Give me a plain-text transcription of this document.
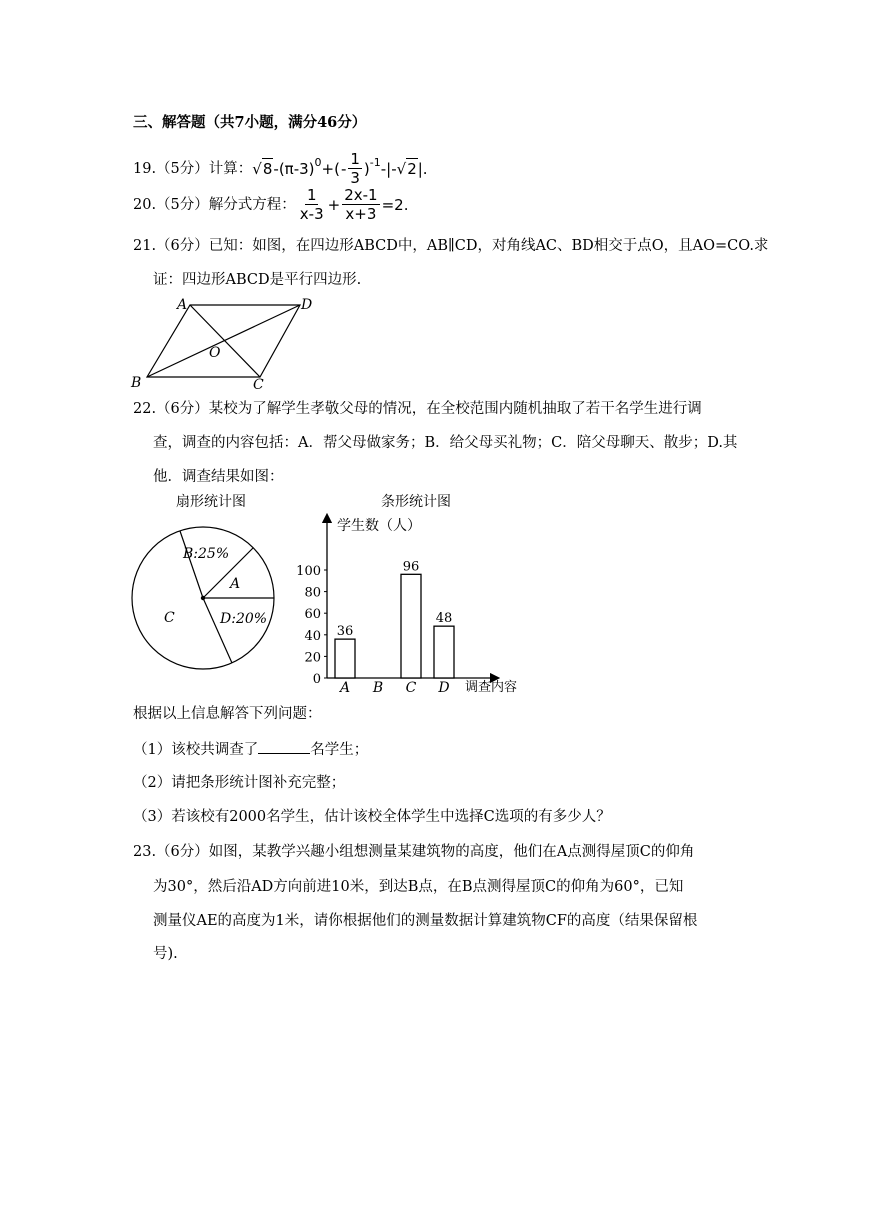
三、解答题（共7小题，满分46分）
19.（5分）计算： √ 8 $-(\pi-3)^0$ +( - $\frac{1}{3} )^{-1}$ -|- √ 2 |.
20.（5分）解分式方程： $\frac{1}{x-3} + \frac{2x-1}{x+3} =2$.
21.（6分）已知：如图，在四边形ABCD中，AB∥CD，对角线AC、BD相交于点O，且AO=CO.求
证：四边形ABCD是平行四边形.
A	D
B	C
O
22.（6分）某校为了解学生孝敬父母的情况，在全校范围内随机抽取了若干名学生进行调
查，调查的内容包括：A．帮父母做家务；B．给父母买礼物；C．陪父母聊天、散步；D.其
他．调查结果如图：
扇形统计图
B:25%
A
C	D:20%
条形统计图
学生数（人）
调查内容
0
20
40
60
80
100
36
A B
96
C
48
D
根据以上信息解答下列问题：
（1）该校共调查了	名学生；
（2）请把条形统计图补充完整；
（3）若该校有2000名学生，估计该校全体学生中选择C选项的有多少人？
23.（6分）如图，某教学兴趣小组想测量某建筑物的高度，他们在A点测得屋顶C的仰角
为30°，然后沿AD方向前进10米，到达B点，在B点测得屋顶C的仰角为60°，已知
测量仪AE的高度为1米，请你根据他们的测量数据计算建筑物CF的高度（结果保留根
号).
